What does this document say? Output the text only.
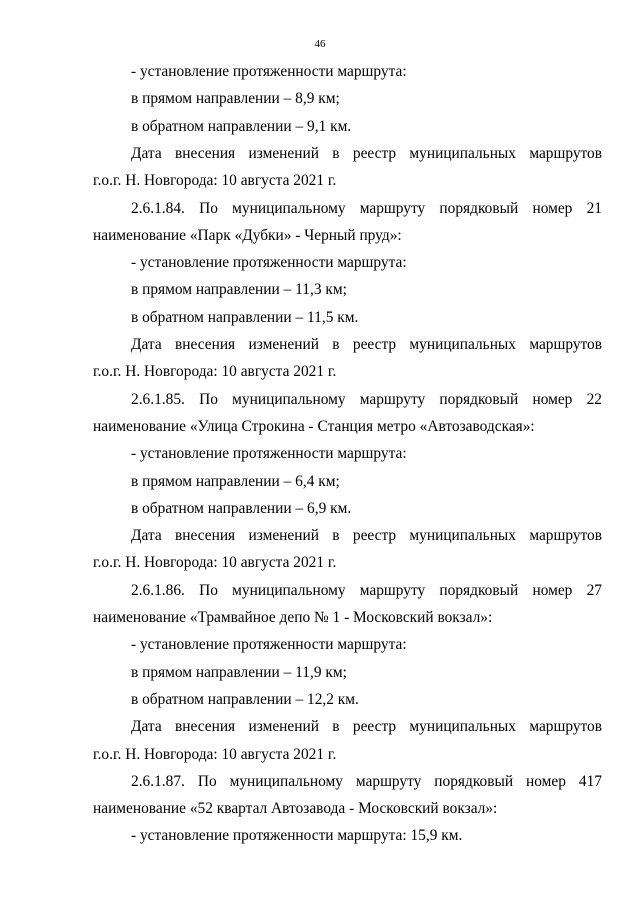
46
- установление протяженности маршрута:
в прямом направлении – 8,9 км;
в обратном направлении – 9,1 км.
Дата внесения изменений в реестр муниципальных маршрутов
г.о.г. Н. Новгорода: 10 августа 2021 г.
2.6.1.84. По муниципальному маршруту порядковый номер 21
наименование «Парк «Дубки» - Черный пруд»:
- установление протяженности маршрута:
в прямом направлении – 11,3 км;
в обратном направлении – 11,5 км.
Дата внесения изменений в реестр муниципальных маршрутов
г.о.г. Н. Новгорода: 10 августа 2021 г.
2.6.1.85. По муниципальному маршруту порядковый номер 22
наименование «Улица Строкина - Станция метро «Автозаводская»:
- установление протяженности маршрута:
в прямом направлении – 6,4 км;
в обратном направлении – 6,9 км.
Дата внесения изменений в реестр муниципальных маршрутов
г.о.г. Н. Новгорода: 10 августа 2021 г.
2.6.1.86. По муниципальному маршруту порядковый номер 27
наименование «Трамвайное депо № 1 - Московский вокзал»:
- установление протяженности маршрута:
в прямом направлении – 11,9 км;
в обратном направлении – 12,2 км.
Дата внесения изменений в реестр муниципальных маршрутов
г.о.г. Н. Новгорода: 10 августа 2021 г.
2.6.1.87. По муниципальному маршруту порядковый номер 417
наименование «52 квартал Автозавода - Московский вокзал»:
- установление протяженности маршрута: 15,9 км.
